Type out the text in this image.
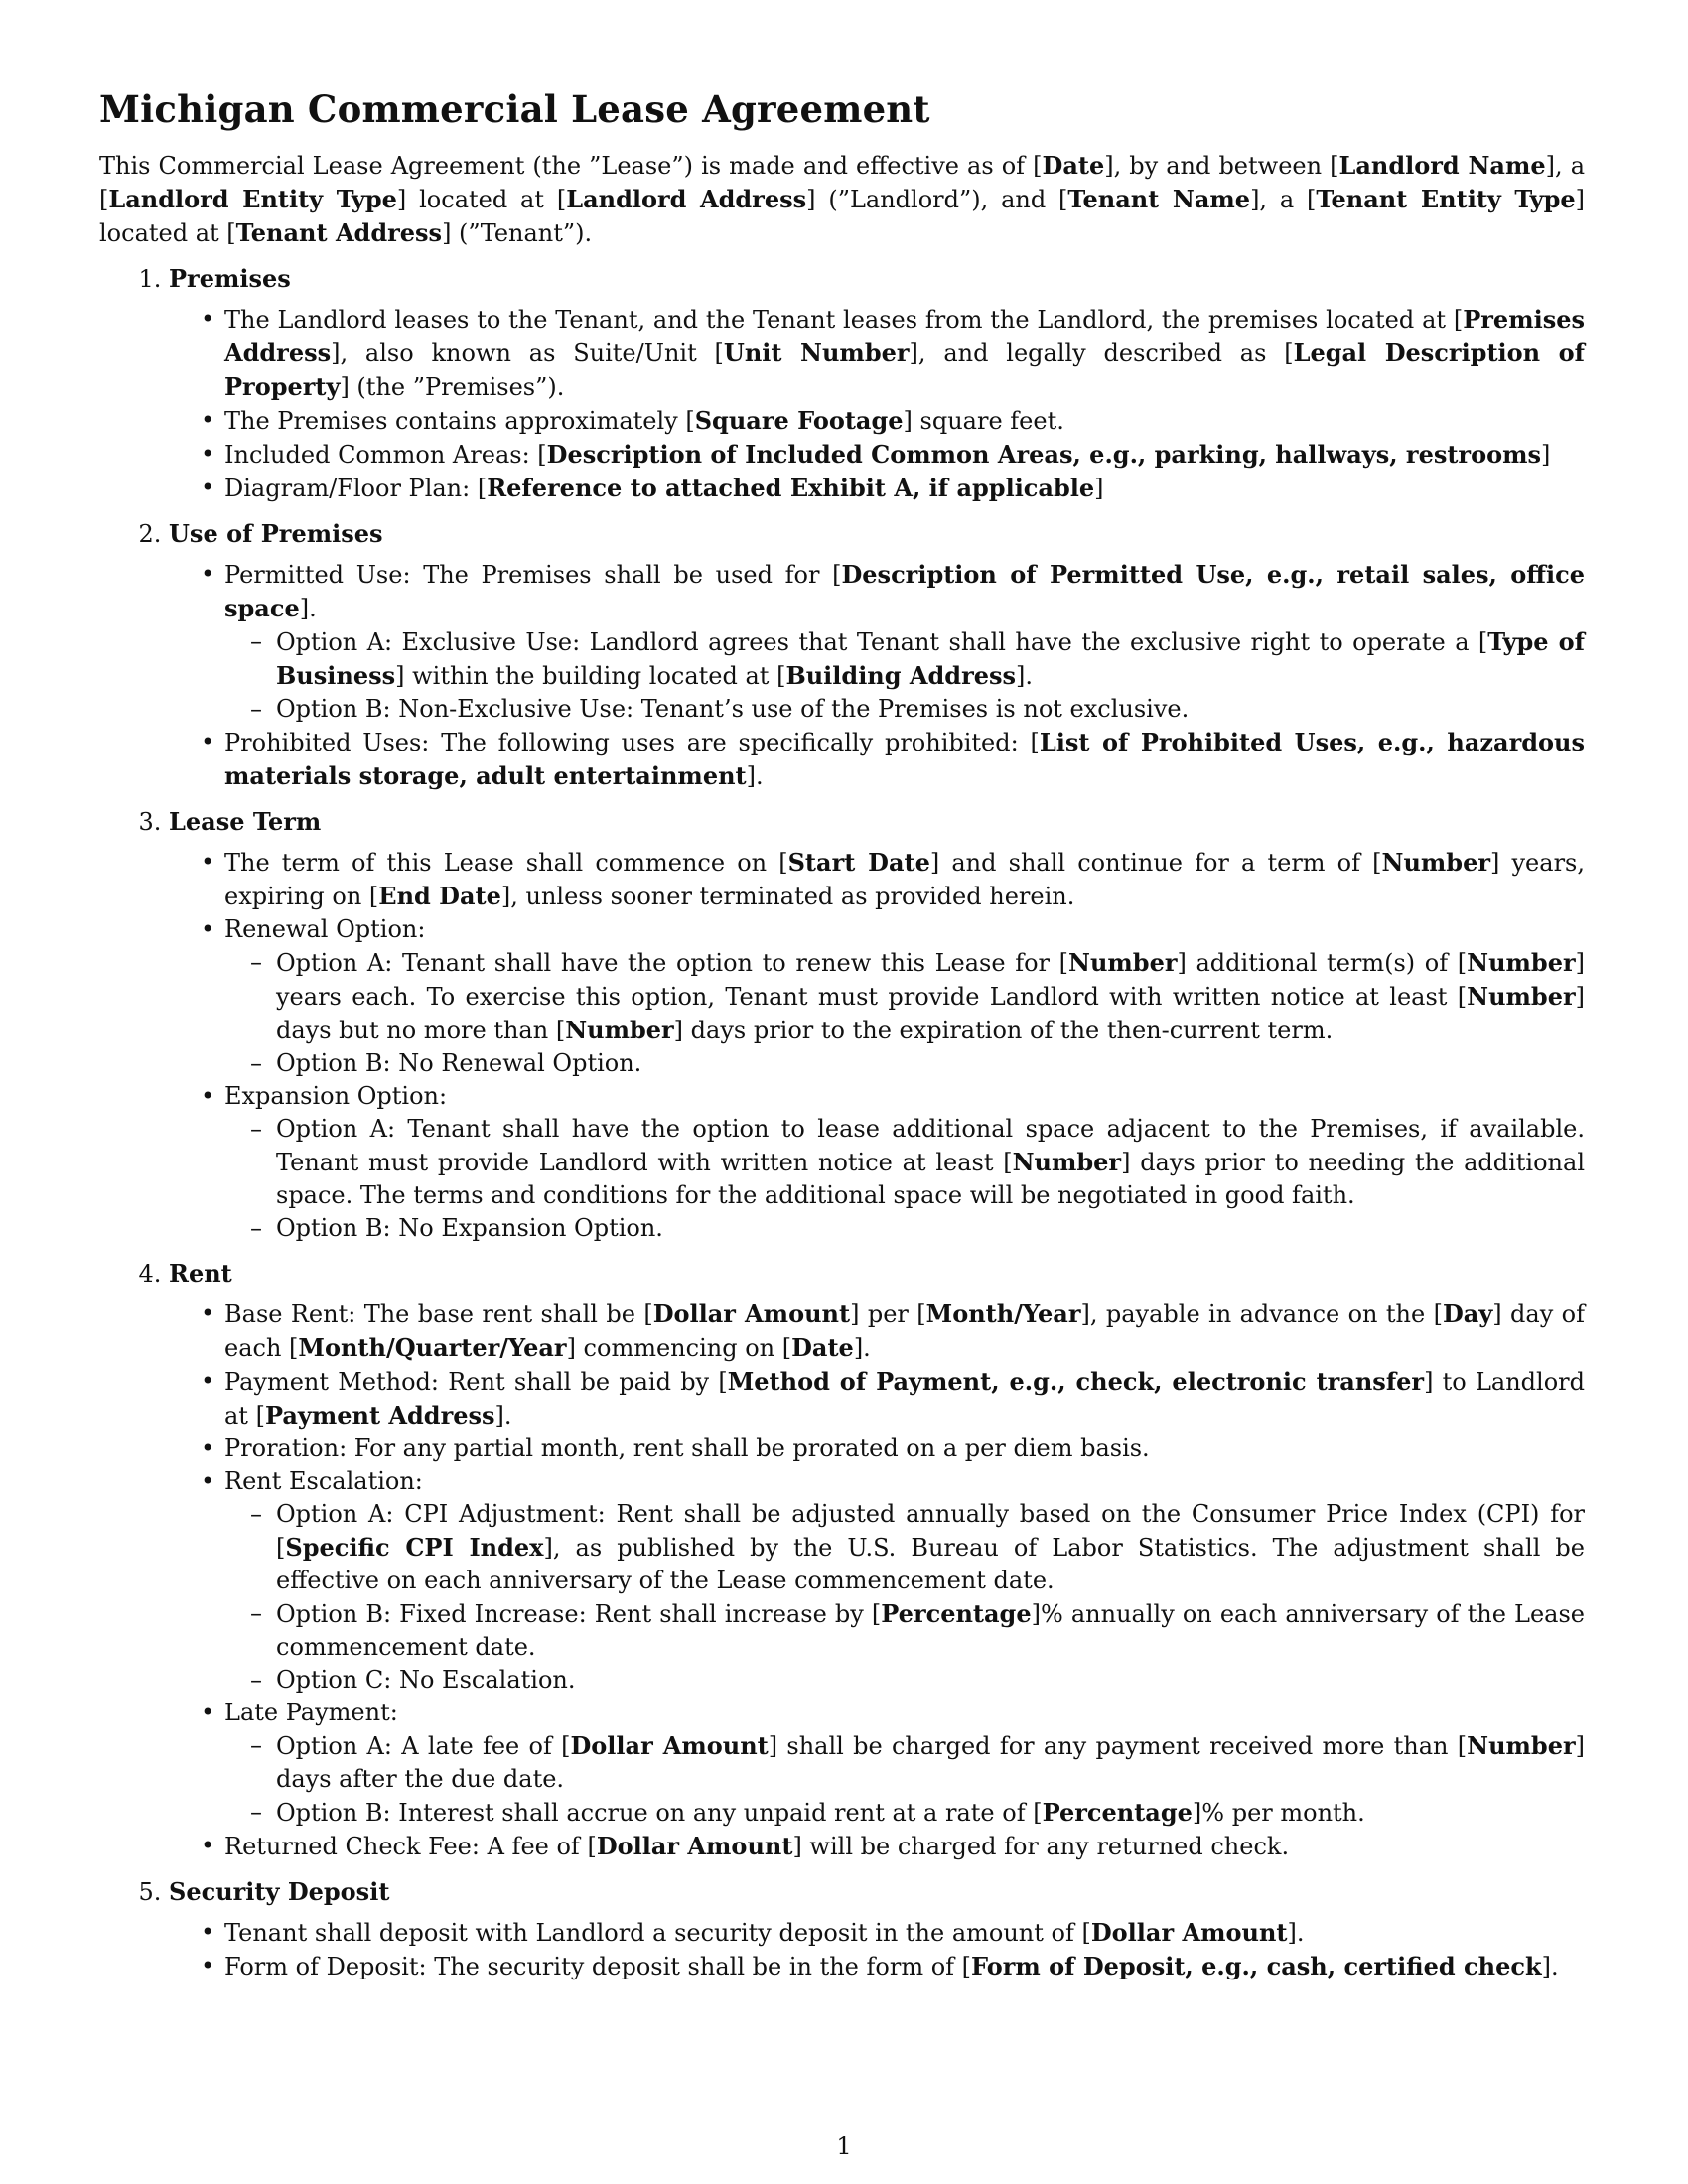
Michigan Commercial Lease Agreement

This Commercial Lease Agreement (the ”Lease”) is made and effective as of [Date], by and between [Landlord Name], a [Landlord Entity Type] located at [Landlord Address] (”Landlord”), and [Tenant Name], a [Tenant Entity Type] located at [Tenant Address] (”Tenant”).

1. Premises
• The Landlord leases to the Tenant, and the Tenant leases from the Landlord, the premises located at [Premises Address], also known as Suite/Unit [Unit Number], and legally described as [Legal Description of Property] (the ”Premises”).
• The Premises contains approximately [Square Footage] square feet.
• Included Common Areas: [Description of Included Common Areas, e.g., parking, hallways, restrooms]
• Diagram/Floor Plan: [Reference to attached Exhibit A, if applicable]
2. Use of Premises
• Permitted Use: The Premises shall be used for [Description of Permitted Use, e.g., retail sales, office space].
– Option A: Exclusive Use: Landlord agrees that Tenant shall have the exclusive right to operate a [Type of Business] within the building located at [Building Address].
– Option B: Non-Exclusive Use: Tenant’s use of the Premises is not exclusive.
• Prohibited Uses: The following uses are specifically prohibited: [List of Prohibited Uses, e.g., hazardous materials storage, adult entertainment].
3. Lease Term
• The term of this Lease shall commence on [Start Date] and shall continue for a term of [Number] years, expiring on [End Date], unless sooner terminated as provided herein.
• Renewal Option:
– Option A: Tenant shall have the option to renew this Lease for [Number] additional term(s) of [Number] years each. To exercise this option, Tenant must provide Landlord with written notice at least [Number] days but no more than [Number] days prior to the expiration of the then-current term.
– Option B: No Renewal Option.
• Expansion Option:
– Option A: Tenant shall have the option to lease additional space adjacent to the Premises, if available. Tenant must provide Landlord with written notice at least [Number] days prior to needing the additional space. The terms and conditions for the additional space will be negotiated in good faith.
– Option B: No Expansion Option.
4. Rent
• Base Rent: The base rent shall be [Dollar Amount] per [Month/Year], payable in advance on the [Day] day of each [Month/Quarter/Year] commencing on [Date].
• Payment Method: Rent shall be paid by [Method of Payment, e.g., check, electronic transfer] to Landlord at [Payment Address].
• Proration: For any partial month, rent shall be prorated on a per diem basis.
• Rent Escalation:
– Option A: CPI Adjustment: Rent shall be adjusted annually based on the Consumer Price Index (CPI) for [Specific CPI Index], as published by the U.S. Bureau of Labor Statistics. The adjustment shall be effective on each anniversary of the Lease commencement date.
– Option B: Fixed Increase: Rent shall increase by [Percentage]% annually on each anniversary of the Lease commencement date.
– Option C: No Escalation.
• Late Payment:
– Option A: A late fee of [Dollar Amount] shall be charged for any payment received more than [Number] days after the due date.
– Option B: Interest shall accrue on any unpaid rent at a rate of [Percentage]% per month.
• Returned Check Fee: A fee of [Dollar Amount] will be charged for any returned check.
5. Security Deposit
• Tenant shall deposit with Landlord a security deposit in the amount of [Dollar Amount].
• Form of Deposit: The security deposit shall be in the form of [Form of Deposit, e.g., cash, certified check].
1
